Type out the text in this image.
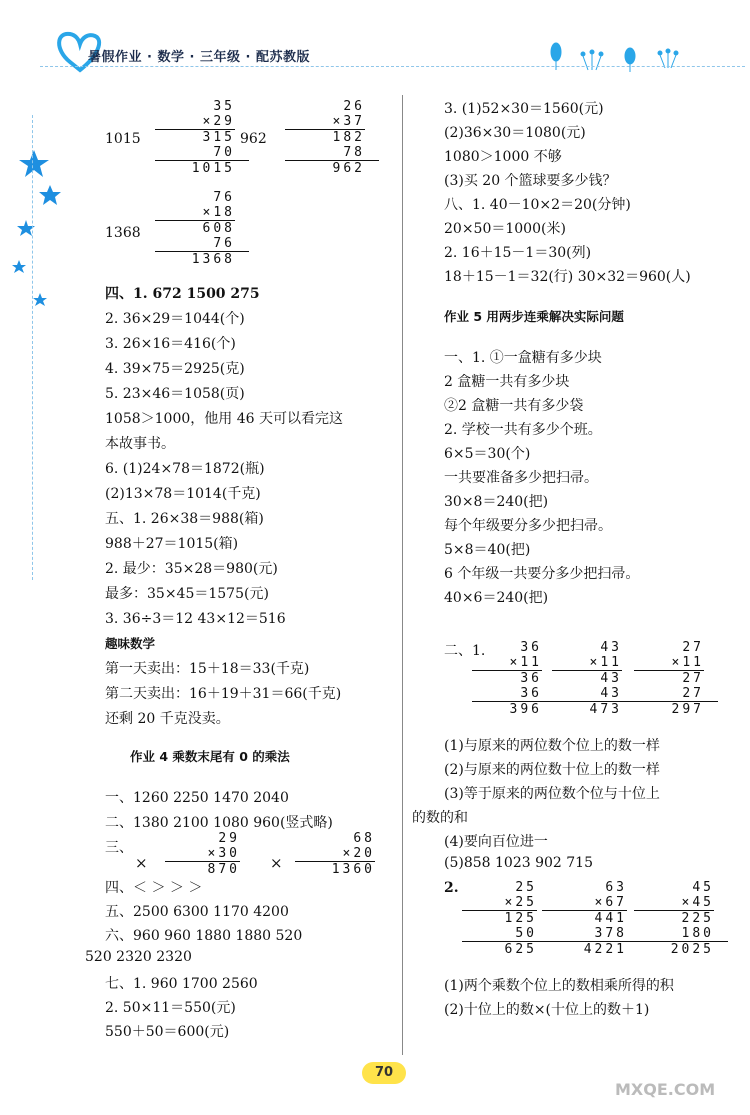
暑假作业 · 数学 · 三年级 · 配苏教版
1015
35
×29
315
70
1015
962
26
×37
182
78
962
1368
76
×18
608
76
1368
四、1. 672 1500 275
2. 36×29＝1044(个)
3. 26×16＝416(个)
4. 39×75＝2925(克)
5. 23×46＝1058(页)
1058＞1000，他用 46 天可以看完这
本故事书。
6. (1)24×78＝1872(瓶)
(2)13×78＝1014(千克)
五、1. 26×38＝988(箱)
988＋27＝1015(箱)
2. 最少：35×28＝980(元)
最多：35×45＝1575(元)
3. 36÷3＝12 43×12＝516
趣味数学
第一天卖出：15＋18＝33(千克)
第二天卖出：16＋19＋31＝66(千克)
还剩 20 千克没卖。
作业 4 乘数末尾有 0 的乘法
一、1260 2250 1470 2040
二、1380 2100 1080 960(竖式略)
三、
×
29
×30
870 ×
68
×20
1360
四、＜ ＞ ＞ ＞
五、2500 6300 1170 4200
六、960 960 1880 1880 520
520 2320 2320
七、1. 960 1700 2560
2. 50×11＝550(元)
550＋50＝600(元)
3. (1)52×30＝1560(元)
(2)36×30＝1080(元)
1080＞1000 不够
(3)买 20 个篮球要多少钱？
八、1. 40－10×2＝20(分钟)
20×50＝1000(米)
2. 16＋15－1＝30(列)
18＋15－1＝32(行) 30×32＝960(人)
作业 5 用两步连乘解决实际问题
一、1. ①一盒糖有多少块
2 盒糖一共有多少块
②2 盒糖一共有多少袋
2. 学校一共有多少个班。
6×5＝30(个)
一共要准备多少把扫帚。
30×8＝240(把)
每个年级要分多少把扫帚。
5×8＝40(把)
6 个年级一共要分多少把扫帚。
40×6＝240(把)
二、1.	36
×11
36
36
396
43
×11
43
43
473
27
×11
27
27
297
(1)与原来的两位数个位上的数一样
(2)与原来的两位数十位上的数一样
(3)等于原来的两位数个位与十位上
的数的和
(4)要向百位进一
(5)858 1023 902 715
2.	25
×25
125
50
625
63
×67
441
378
4221
45
×45
225
180
2025
(1)两个乘数个位上的数相乘所得的积
(2)十位上的数×(十位上的数＋1)
70
MXQE.COM
